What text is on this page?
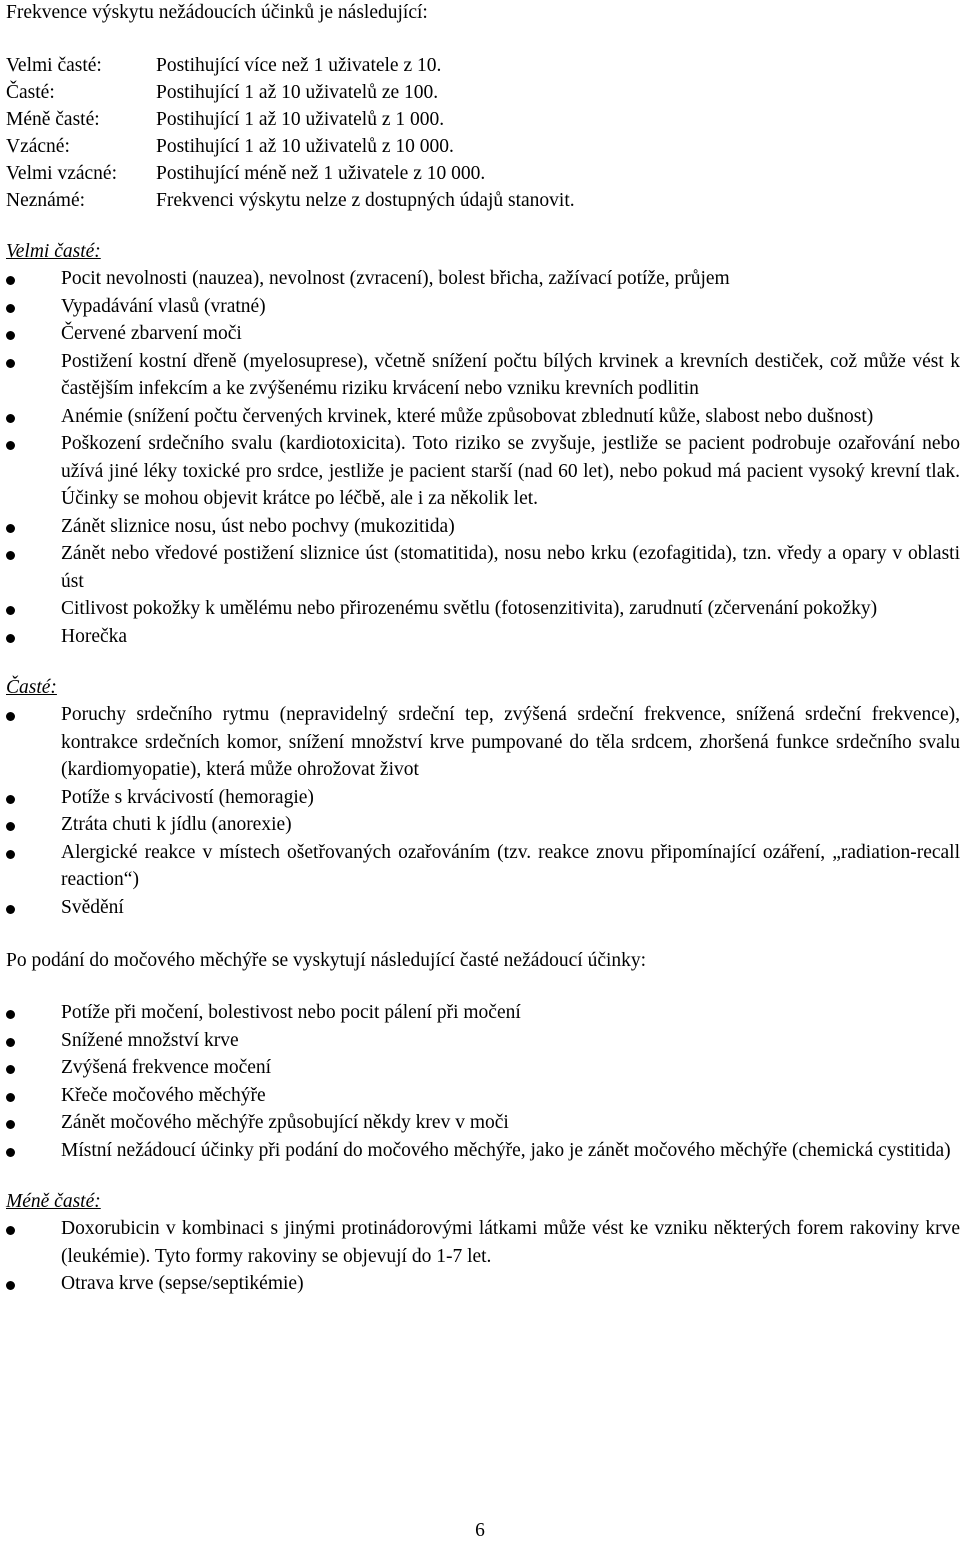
Frekvence výskytu nežádoucích účinků je následující:

Velmi časté:	Postihující více než 1 uživatele z 10.
Časté:	Postihující 1 až 10 uživatelů ze 100.
Méně časté:	Postihující 1 až 10 uživatelů z 1 000.
Vzácné:	Postihující 1 až 10 uživatelů z 10 000.
Velmi vzácné:	Postihující méně než 1 uživatele z 10 000.
Neznámé:	Frekvenci výskytu nelze z dostupných údajů stanovit.

Velmi časté:

Pocit nevolnosti (nauzea), nevolnost (zvracení), bolest břicha, zažívací potíže, průjem
Vypadávání vlasů (vratné)
Červené zbarvení moči
Postižení kostní dřeně (myelosuprese), včetně snížení počtu bílých krvinek a krevních destiček, což může vést k častějším infekcím a ke zvýšenému riziku krvácení nebo vzniku krevních podlitin
Anémie (snížení počtu červených krvinek, které může způsobovat zblednutí kůže, slabost nebo dušnost)
Poškození srdečního svalu (kardiotoxicita). Toto riziko se zvyšuje, jestliže se pacient podrobuje ozařování nebo užívá jiné léky toxické pro srdce, jestliže je pacient starší (nad 60 let), nebo pokud má pacient vysoký krevní tlak. Účinky se mohou objevit krátce po léčbě, ale i za několik let.
Zánět sliznice nosu, úst nebo pochvy (mukozitida)
Zánět nebo vředové postižení sliznice úst (stomatitida), nosu nebo krku (ezofagitida), tzn. vředy a opary v oblasti úst
Citlivost pokožky k umělému nebo přirozenému světlu (fotosenzitivita), zarudnutí (zčervenání pokožky)
Horečka

Časté:

Poruchy srdečního rytmu (nepravidelný srdeční tep, zvýšená srdeční frekvence, snížená srdeční frekvence), kontrakce srdečních komor, snížení množství krve pumpované do těla srdcem, zhoršená funkce srdečního svalu (kardiomyopatie), která může ohrožovat život
Potíže s krvácivostí (hemoragie)
Ztráta chuti k jídlu (anorexie)
Alergické reakce v místech ošetřovaných ozařováním (tzv. reakce znovu připomínající ozáření, „radiation-recall reaction“)
Svědění

Po podání do močového měchýře se vyskytují následující časté nežádoucí účinky:

Potíže při močení, bolestivost nebo pocit pálení při močení
Snížené množství krve
Zvýšená frekvence močení
Křeče močového měchýře
Zánět močového měchýře způsobující někdy krev v moči
Místní nežádoucí účinky při podání do močového měchýře, jako je zánět močového měchýře (chemická cystitida)

Méně časté:

Doxorubicin v kombinaci s jinými protinádorovými látkami může vést ke vzniku některých forem rakoviny krve (leukémie). Tyto formy rakoviny se objevují do 1-7 let.
Otrava krve (sepse/septikémie)
6
